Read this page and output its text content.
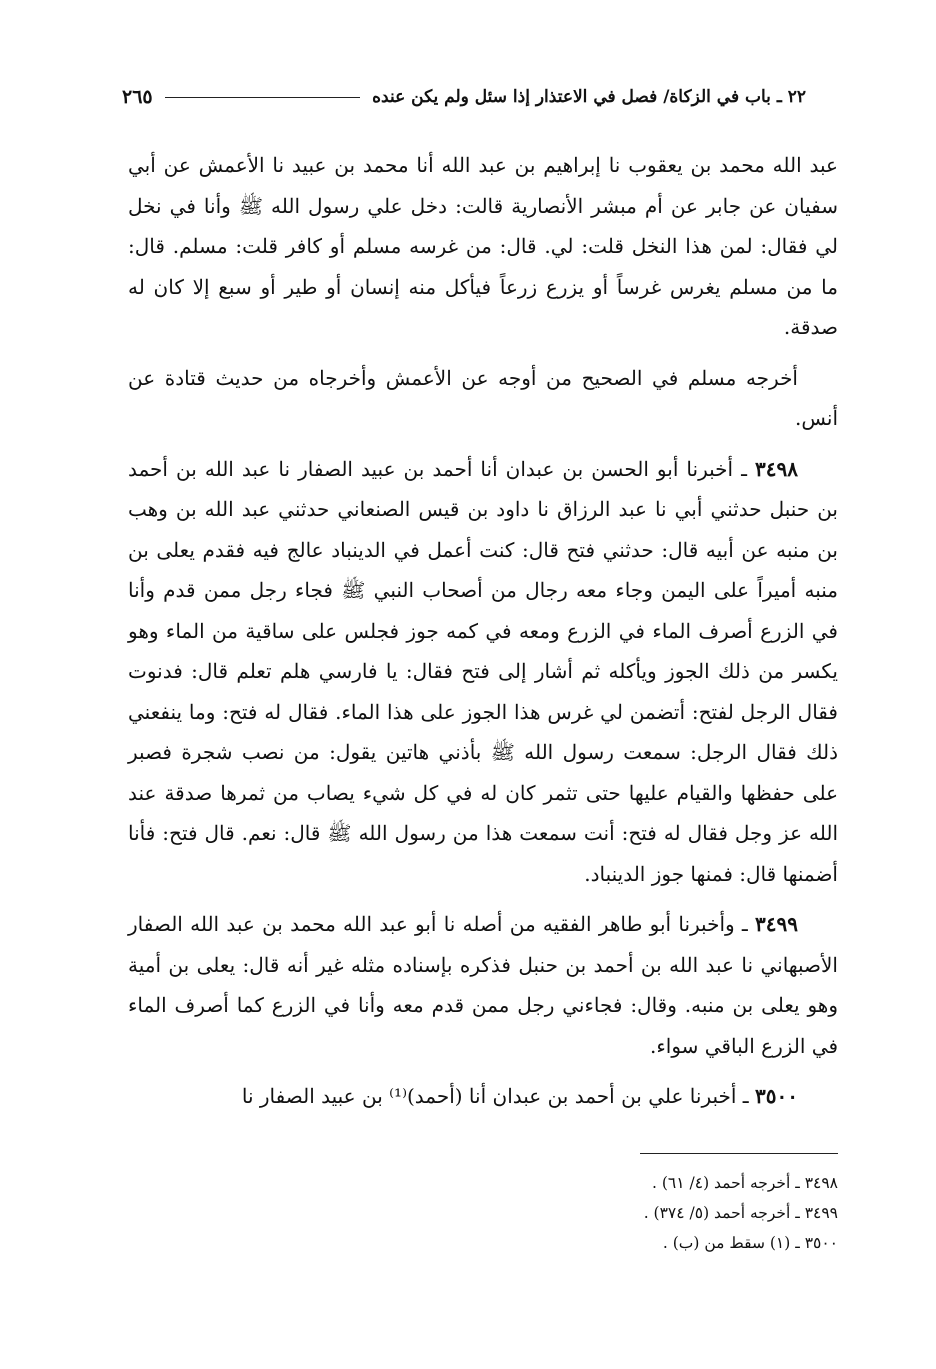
٢٢ ـ باب في الزكاة/ فصل في الاعتذار إذا سئل ولم يكن عنده
٢٦٥

عبد الله محمد بن يعقوب نا إبراهيم بن عبد الله أنا محمد بن عبيد نا الأعمش عن أبي سفيان عن جابر عن أم مبشر الأنصارية قالت: دخل علي رسول الله ﷺ وأنا في نخل لي فقال: لمن هذا النخل قلت: لي. قال: من غرسه مسلم أو كافر قلت: مسلم. قال: ما من مسلم يغرس غرساً أو يزرع زرعاً فيأكل منه إنسان أو طير أو سبع إلا كان له صدقة.

أخرجه مسلم في الصحيح من أوجه عن الأعمش وأخرجاه من حديث قتادة عن أنس.

٣٤٩٨ ـ أخبرنا أبو الحسن بن عبدان أنا أحمد بن عبيد الصفار نا عبد الله بن أحمد بن حنبل حدثني أبي نا عبد الرزاق نا داود بن قيس الصنعاني حدثني عبد الله بن وهب بن منبه عن أبيه قال: حدثني فتح قال: كنت أعمل في الدينباد عالج فيه فقدم يعلى بن منبه أميراً على اليمن وجاء معه رجال من أصحاب النبي ﷺ فجاء رجل ممن قدم وأنا في الزرع أصرف الماء في الزرع ومعه في كمه جوز فجلس على ساقية من الماء وهو يكسر من ذلك الجوز ويأكله ثم أشار إلى فتح فقال: يا فارسي هلم تعلم قال: فدنوت فقال الرجل لفتح: أتضمن لي غرس هذا الجوز على هذا الماء. فقال له فتح: وما ينفعني ذلك فقال الرجل: سمعت رسول الله ﷺ بأذني هاتين يقول: من نصب شجرة فصبر على حفظها والقيام عليها حتى تثمر كان له في كل شيء يصاب من ثمرها صدقة عند الله عز وجل فقال له فتح: أنت سمعت هذا من رسول الله ﷺ قال: نعم. قال فتح: فأنا أضمنها قال: فمنها جوز الدينباد.

٣٤٩٩ ـ وأخبرنا أبو طاهر الفقيه من أصله نا أبو عبد الله محمد بن عبد الله الصفار الأصبهاني نا عبد الله بن أحمد بن حنبل فذكره بإسناده مثله غير أنه قال: يعلى بن أمية وهو يعلى بن منبه. وقال: فجاءني رجل ممن قدم معه وأنا في الزرع كما أصرف الماء في الزرع الباقي سواء.

٣٥٠٠ ـ أخبرنا علي بن أحمد بن عبدان أنا (أحمد)⁽¹⁾ بن عبيد الصفار نا

٣٤٩٨ ـ أخرجه أحمد (٤/ ٦١) .

٣٤٩٩ ـ أخرجه أحمد (٥/ ٣٧٤) .

٣٥٠٠ ـ (١) سقط من (ب) .
